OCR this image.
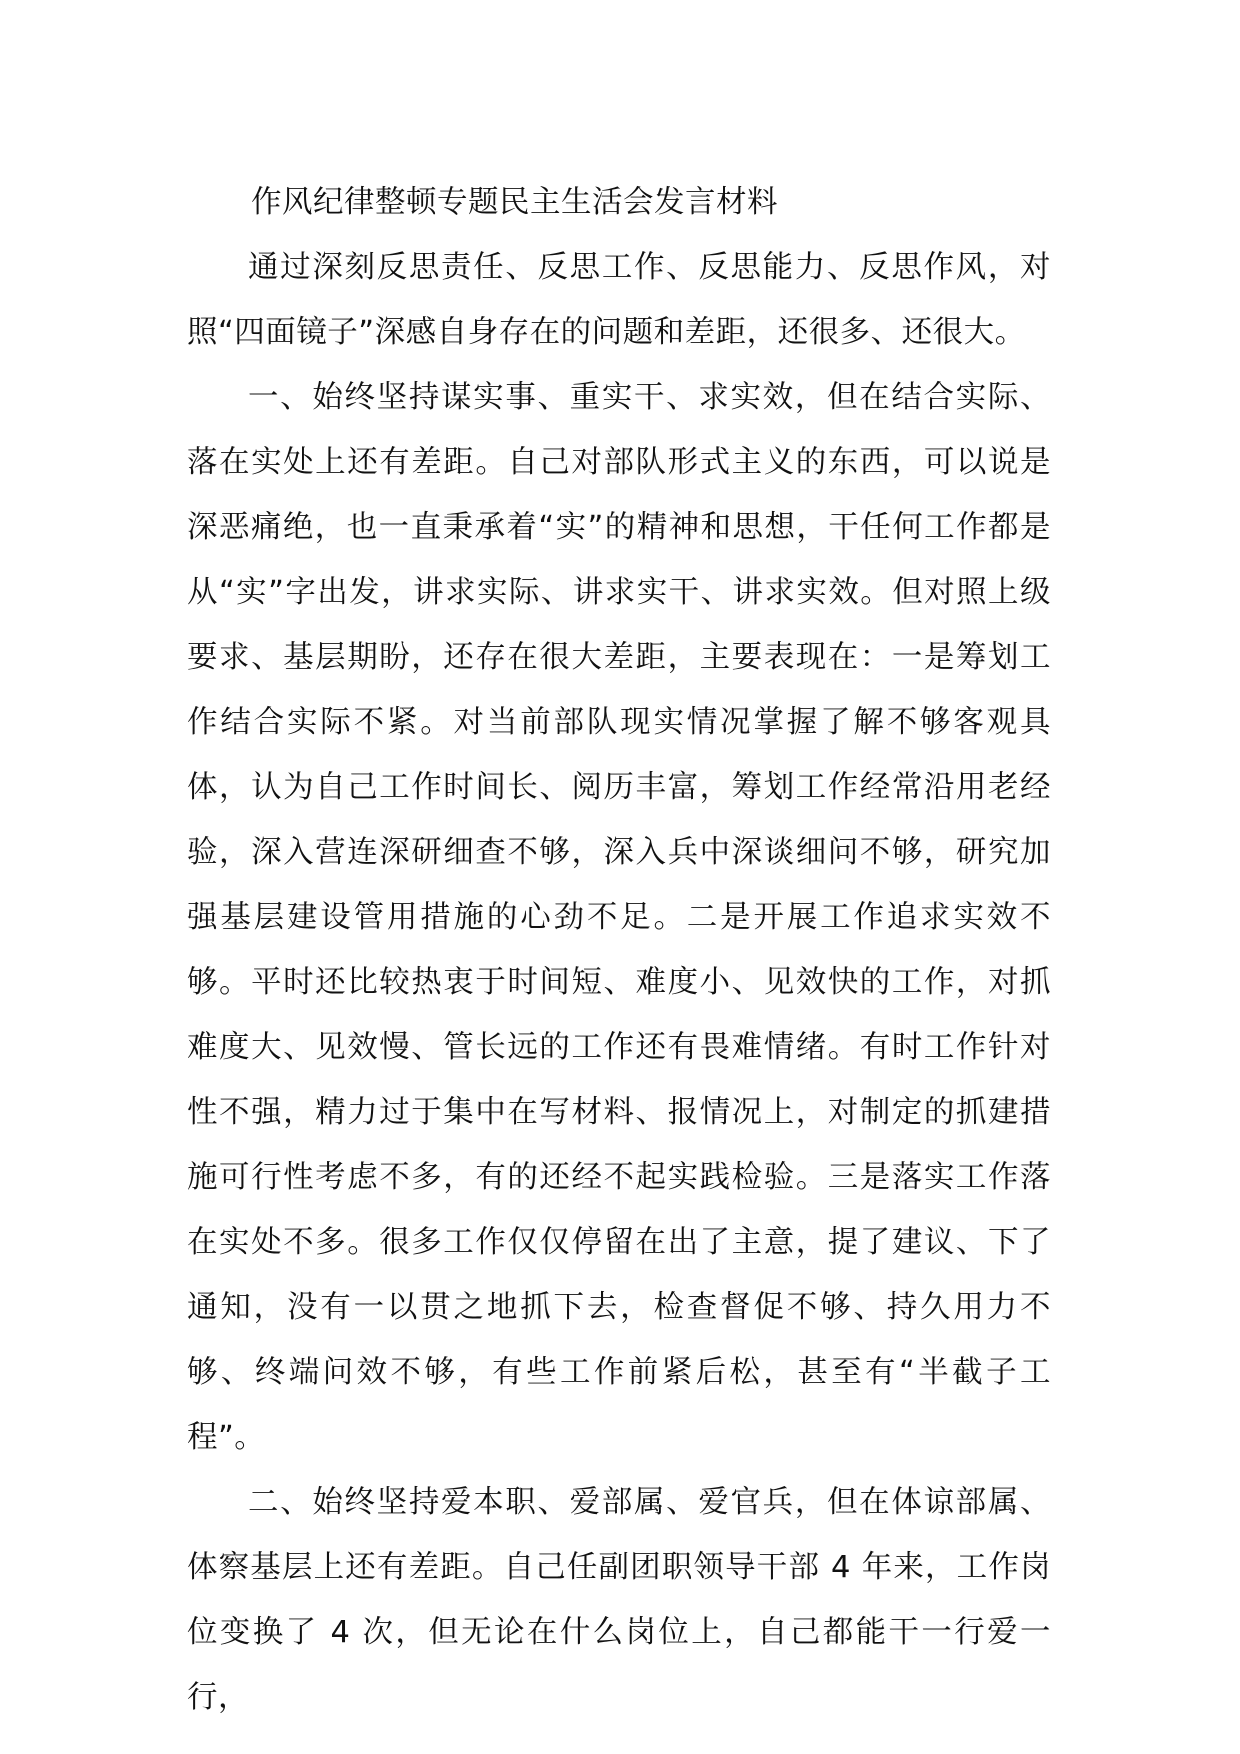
作风纪律整顿专题民主生活会发言材料

通过深刻反思责任、反思工作、反思能力、反思作风，对照“四面镜子”深感自身存在的问题和差距，还很多、还很大。

一、始终坚持谋实事、重实干、求实效，但在结合实际、落在实处上还有差距。自己对部队形式主义的东西，可以说是深恶痛绝，也一直秉承着“实”的精神和思想，干任何工作都是从“实”字出发，讲求实际、讲求实干、讲求实效。但对照上级要求、基层期盼，还存在很大差距，主要表现在：一是筹划工作结合实际不紧。对当前部队现实情况掌握了解不够客观具体，认为自己工作时间长、阅历丰富，筹划工作经常沿用老经验，深入营连深研细查不够，深入兵中深谈细问不够，研究加强基层建设管用措施的心劲不足。二是开展工作追求实效不够。平时还比较热衷于时间短、难度小、见效快的工作，对抓难度大、见效慢、管长远的工作还有畏难情绪。有时工作针对性不强，精力过于集中在写材料、报情况上，对制定的抓建措施可行性考虑不多，有的还经不起实践检验。三是落实工作落在实处不多。很多工作仅仅停留在出了主意，提了建议、下了通知，没有一以贯之地抓下去，检查督促不够、持久用力不够、终端问效不够，有些工作前紧后松，甚至有“半截子工程”。

二、始终坚持爱本职、爱部属、爱官兵，但在体谅部属、体察基层上还有差距。自己任副团职领导干部 4 年来，工作岗位变换了 4 次，但无论在什么岗位上，自己都能干一行爱一行，
